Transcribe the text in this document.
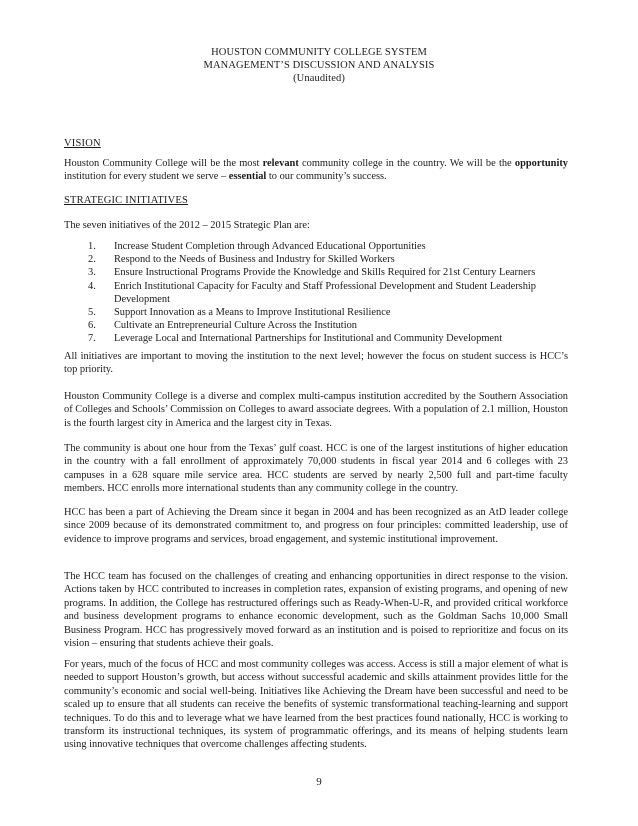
HOUSTON COMMUNITY COLLEGE SYSTEM
MANAGEMENT’S DISCUSSION AND ANALYSIS
(Unaudited)
VISION
Houston Community College will be the most relevant community college in the country. We will be the opportunity institution for every student we serve – essential to our community’s success.
STRATEGIC INITIATIVES
The seven initiatives of the 2012 – 2015 Strategic Plan are:
1. Increase Student Completion through Advanced Educational Opportunities
2. Respond to the Needs of Business and Industry for Skilled Workers
3. Ensure Instructional Programs Provide the Knowledge and Skills Required for 21st Century Learners
4. Enrich Institutional Capacity for Faculty and Staff Professional Development and Student Leadership Development
5. Support Innovation as a Means to Improve Institutional Resilience
6. Cultivate an Entrepreneurial Culture Across the Institution
7. Leverage Local and International Partnerships for Institutional and Community Development
All initiatives are important to moving the institution to the next level; however the focus on student success is HCC’s top priority.
Houston Community College is a diverse and complex multi-campus institution accredited by the Southern Association of Colleges and Schools’ Commission on Colleges to award associate degrees. With a population of 2.1 million, Houston is the fourth largest city in America and the largest city in Texas.
The community is about one hour from the Texas’ gulf coast. HCC is one of the largest institutions of higher education in the country with a fall enrollment of approximately 70,000 students in fiscal year 2014 and 6 colleges with 23 campuses in a 628 square mile service area. HCC students are served by nearly 2,500 full and part-time faculty members. HCC enrolls more international students than any community college in the country.
HCC has been a part of Achieving the Dream since it began in 2004 and has been recognized as an AtD leader college since 2009 because of its demonstrated commitment to, and progress on four principles: committed leadership, use of evidence to improve programs and services, broad engagement, and systemic institutional improvement.
The HCC team has focused on the challenges of creating and enhancing opportunities in direct response to the vision. Actions taken by HCC contributed to increases in completion rates, expansion of existing programs, and opening of new programs. In addition, the College has restructured offerings such as Ready-When-U-R, and provided critical workforce and business development programs to enhance economic development, such as the Goldman Sachs 10,000 Small Business Program. HCC has progressively moved forward as an institution and is poised to reprioritize and focus on its vision – ensuring that students achieve their goals.
For years, much of the focus of HCC and most community colleges was access. Access is still a major element of what is needed to support Houston’s growth, but access without successful academic and skills attainment provides little for the community’s economic and social well-being. Initiatives like Achieving the Dream have been successful and need to be scaled up to ensure that all students can receive the benefits of systemic transformational teaching-learning and support techniques. To do this and to leverage what we have learned from the best practices found nationally, HCC is working to transform its instructional techniques, its system of programmatic offerings, and its means of helping students learn using innovative techniques that overcome challenges affecting students.
9
